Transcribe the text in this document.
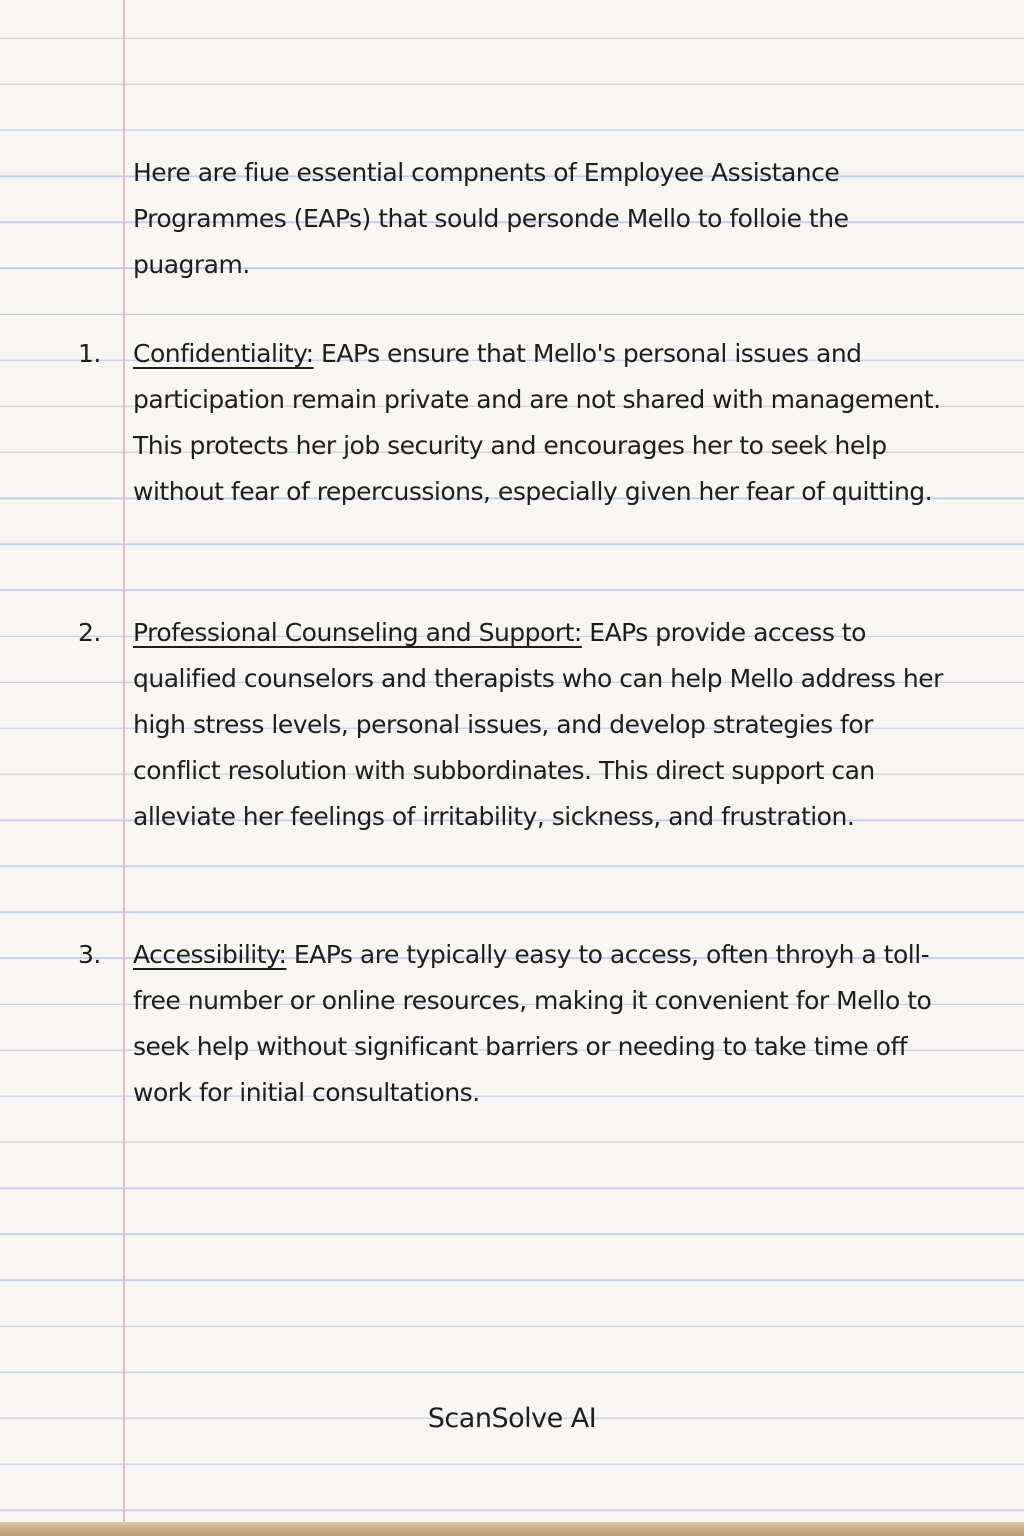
Here are fiue essential compnents of Employee Assistance Programmes (EAPs) that sould personde Mello to folloie the puagram.

1.	Confidentiality: EAPs ensure that Mello's personal issues and participation remain private and are not shared with management. This protects her job security and encourages her to seek help without fear of repercussions, especially given her fear of quitting.
2.	Professional Counseling and Support: EAPs provide access to qualified counselors and therapists who can help Mello address her high stress levels, personal issues, and develop strategies for conflict resolution with subbordinates. This direct support can alleviate her feelings of irritability, sickness, and frustration.
3.	Accessibility: EAPs are typically easy to access, often throyh a toll-free number or online resources, making it convenient for Mello to seek help without significant barriers or needing to take time off work for initial consultations.
ScanSolve AI
